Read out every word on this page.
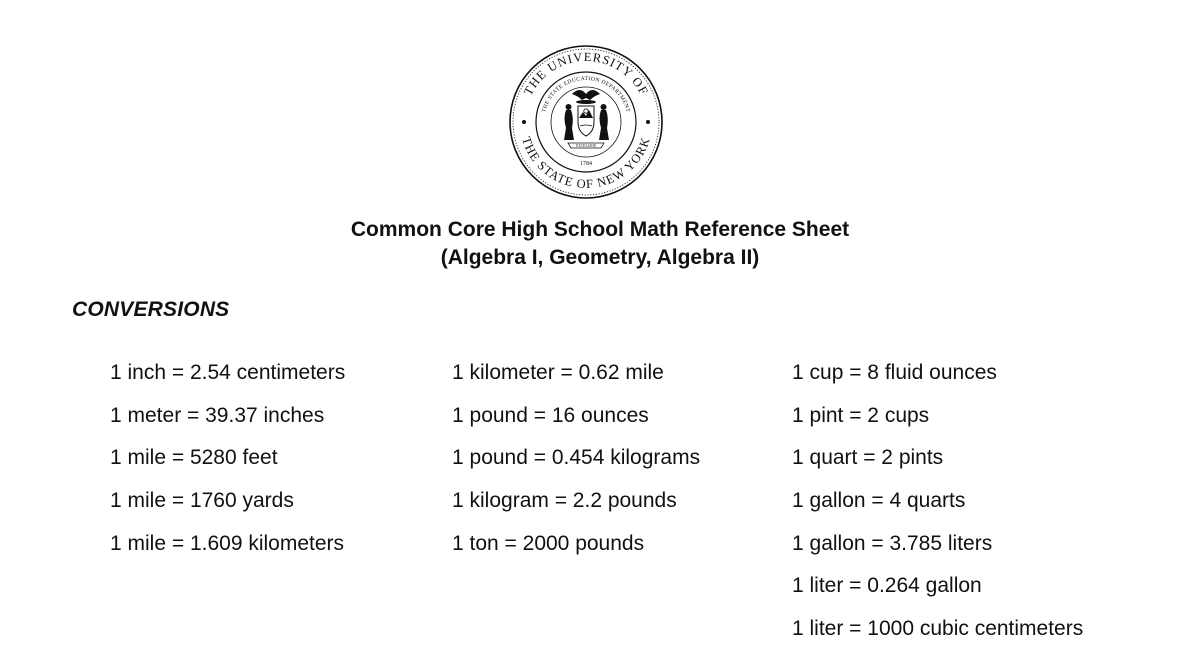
THE UNIVERSITY OF
THE STATE OF NEW YORK
THE STATE EDUCATION DEPARTMENT
EXCELSIOR
1784
Common Core High School Math Reference Sheet
(Algebra I, Geometry, Algebra II)
CONVERSIONS
1 inch = 2.54 centimeters
1 meter = 39.37 inches
1 mile = 5280 feet
1 mile = 1760 yards
1 mile = 1.609 kilometers
1 kilometer = 0.62 mile
1 pound = 16 ounces
1 pound = 0.454 kilograms
1 kilogram = 2.2 pounds
1 ton = 2000 pounds
1 cup = 8 fluid ounces
1 pint = 2 cups
1 quart = 2 pints
1 gallon = 4 quarts
1 gallon = 3.785 liters
1 liter = 0.264 gallon
1 liter = 1000 cubic centimeters
